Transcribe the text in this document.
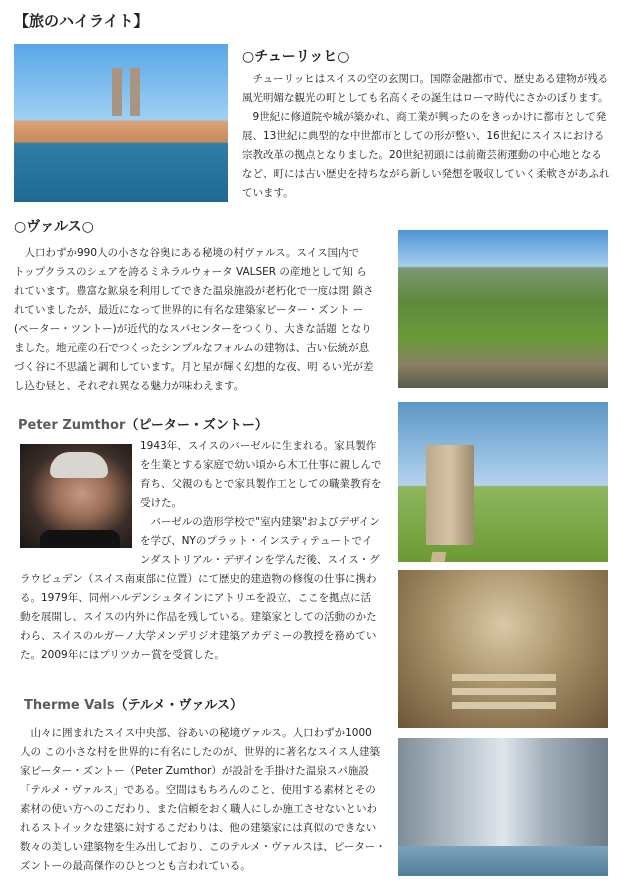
【旅のハイライト】
○チューリッヒ○
　チューリッヒはスイスの空の玄関口。国際金融都市で、歴史ある建物が残る
風光明媚な観光の町としても名高くその誕生はローマ時代にさかのぼります。
　9世紀に修道院や城が築かれ、商工業が興ったのをきっかけに都市として発
展、13世紀に典型的な中世都市としての形が整い、16世紀にスイスにおける
宗教改革の拠点となりました。20世紀初頭には前衛芸術運動の中心地となる
など、町には古い歴史を持ちながら新しい発想を吸収していく柔軟さがあふれ
ています。
○ヴァルス○
　人口わずか990人の小さな谷奥にある秘境の村ヴァルス。スイス国内で
トップクラスのシェアを誇るミネラルウォータ VALSER の産地として知 ら
れています。豊富な鉱泉を利用してできた温泉施設が老朽化で一度は閉 鎖さ
れていましたが、最近になって世界的に有名な建築家ピーター・ズント ー
(ペーター・ツントー)が近代的なスパセンターをつくり、大きな話題 となり
ました。地元産の石でつくったシンプルなフォルムの建物は、古い伝統が息
づく谷に不思議と調和しています。月と星が輝く幻想的な夜、明 るい光が差
し込む昼と、それぞれ異なる魅力が味わえます。
Peter Zumthor（ピーター・ズントー）
1943年、スイスのバーゼルに生まれる。家具製作
を生業とする家庭で幼い頃から木工仕事に親しんで
育ち、父親のもとで家具製作工としての職業教育を
受けた。
　バーゼルの造形学校で"室内建築"およびデザイン
を学び、NYのプラット・インスティテュートでイ
ンダストリアル・デザインを学んだ後、スイス・グ
ラウビュデン（スイス南東部に位置）にて歴史的建造物の修復の仕事に携わ
る。1979年、同州ハルデンシュタインにアトリエを設立、ここを拠点に活
動を展開し、スイスの内外に作品を残している。建築家としての活動のかた
わら、スイスのルガーノ大学メンデリジオ建築アカデミーの教授を務めてい
た。2009年にはプリツカー賞を受賞した。
Therme Vals（テルメ・ヴァルス）
　山々に囲まれたスイス中央部、谷あいの秘境ヴァルス。人口わずか1000
人の この小さな村を世界的に有名にしたのが、世界的に著名なスイス人建築
家ピーター・ズントー（Peter Zumthor）が設計を手掛けた温泉スパ施設
「テルメ・ヴァルス」である。空間はもちろんのこと、使用する素材とその
素材の使い方へのこだわり、また信頼をおく職人にしか施工させないといわ
れるストイックな建築に対するこだわりは、他の建築家には真似のできない
数々の美しい建築物を生み出しており、このテルメ・ヴァルスは、ピーター・
ズントーの最高傑作のひとつとも言われている。
